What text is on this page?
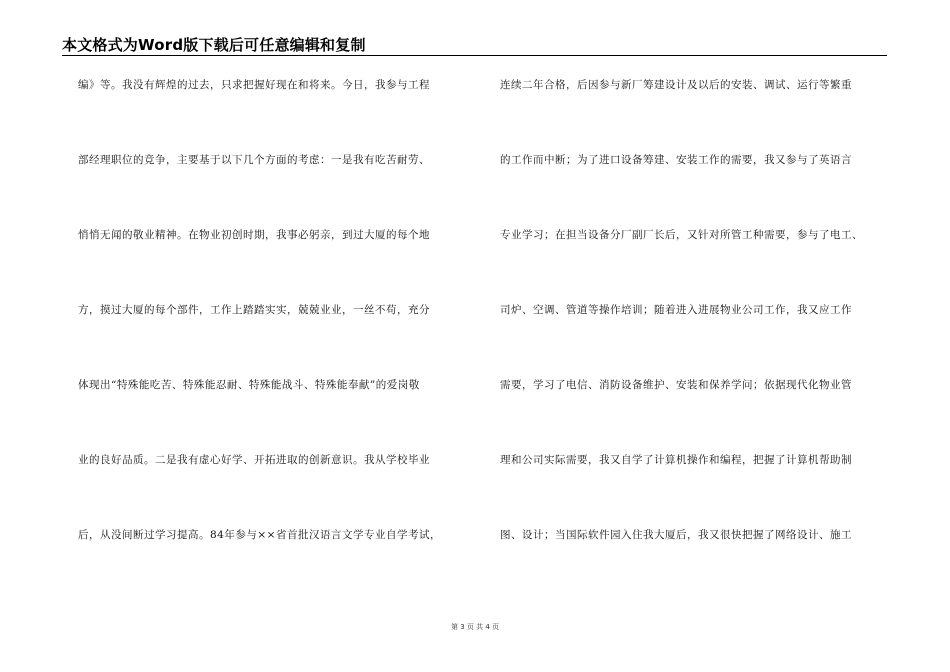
本文格式为Word版下载后可任意编辑和复制
编》等。我没有辉煌的过去，只求把握好现在和将来。今日，我参与工程
部经理职位的竞争，主要基于以下几个方面的考虑：一是我有吃苦耐劳、
悄悄无闻的敬业精神。在物业初创时期，我事必躬亲，到过大厦的每个地
方，摸过大厦的每个部件，工作上踏踏实实，兢兢业业，一丝不苟，充分
体现出“特殊能吃苦、特殊能忍耐、特殊能战斗、特殊能奉献”的爱岗敬
业的良好品质。二是我有虚心好学、开拓进取的创新意识。我从学校毕业
后，从没间断过学习提高。84年参与××省首批汉语言文学专业自学考试，
连续二年合格，后因参与新厂筹建设计及以后的安装、调试、运行等繁重
的工作而中断；为了进口设备筹建、安装工作的需要，我又参与了英语言
专业学习；在担当设备分厂副厂长后，又针对所管工种需要，参与了电工、
司炉、空调、管道等操作培训；随着进入进展物业公司工作，我又应工作
需要，学习了电信、消防设备维护、安装和保养学问；依据现代化物业管
理和公司实际需要，我又自学了计算机操作和编程，把握了计算机帮助制
图、设计；当国际软件园入住我大厦后，我又很快把握了网络设计、施工
第 3 页 共 4 页
